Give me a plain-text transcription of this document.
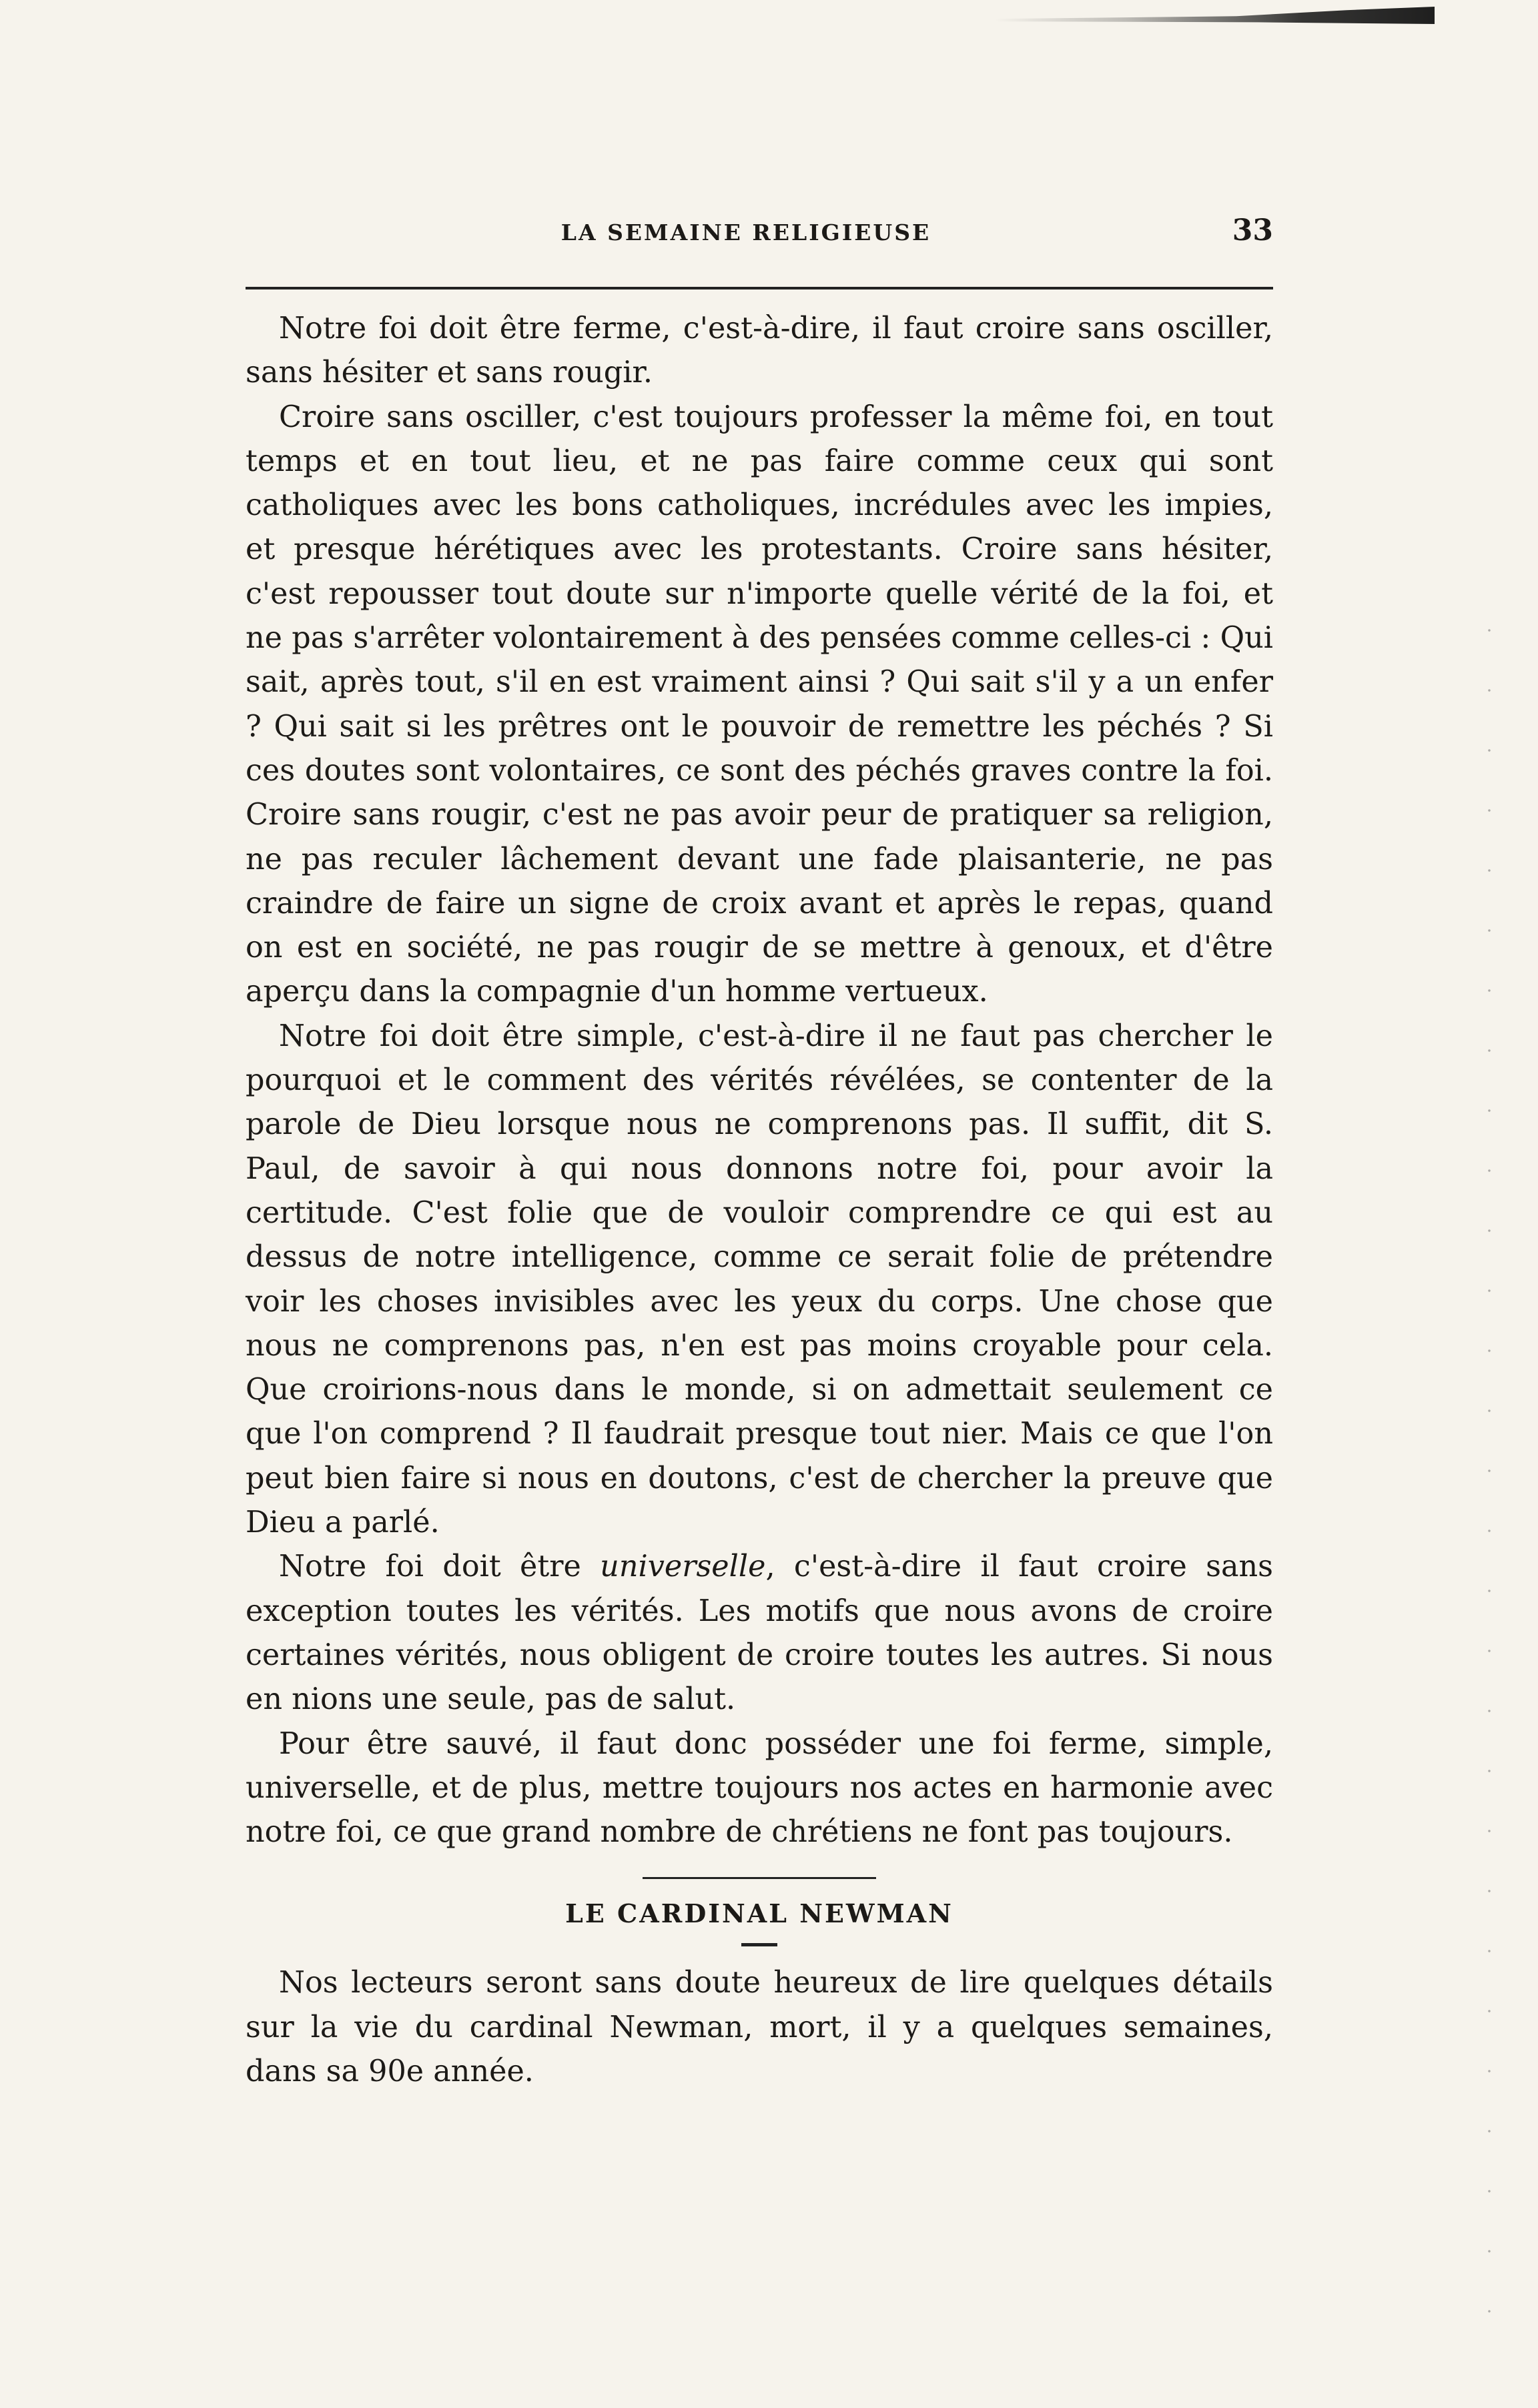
LA SEMAINE RELIGIEUSE	33

Notre foi doit être ferme, c'est-à-dire, il faut croire sans osciller, sans hésiter et sans rougir.

Croire sans osciller, c'est toujours professer la même foi, en tout temps et en tout lieu, et ne pas faire comme ceux qui sont catholiques avec les bons catholiques, incrédules avec les impies, et presque hérétiques avec les protestants. Croire sans hésiter, c'est repousser tout doute sur n'importe quelle vérité de la foi, et ne pas s'arrêter volontairement à des pensées comme celles-ci : Qui sait, après tout, s'il en est vraiment ainsi ? Qui sait s'il y a un enfer ? Qui sait si les prêtres ont le pouvoir de remettre les péchés ? Si ces doutes sont volontaires, ce sont des péchés graves contre la foi. Croire sans rougir, c'est ne pas avoir peur de pratiquer sa religion, ne pas reculer lâchement devant une fade plaisanterie, ne pas craindre de faire un signe de croix avant et après le repas, quand on est en société, ne pas rougir de se mettre à genoux, et d'être aperçu dans la compagnie d'un homme vertueux.

Notre foi doit être simple, c'est-à-dire il ne faut pas chercher le pourquoi et le comment des vérités révélées, se contenter de la parole de Dieu lorsque nous ne comprenons pas. Il suffit, dit S. Paul, de savoir à qui nous donnons notre foi, pour avoir la certitude. C'est folie que de vouloir comprendre ce qui est au dessus de notre intelligence, comme ce serait folie de prétendre voir les choses invisibles avec les yeux du corps. Une chose que nous ne comprenons pas, n'en est pas moins croyable pour cela. Que croirions-nous dans le monde, si on admettait seulement ce que l'on comprend ? Il faudrait presque tout nier. Mais ce que l'on peut bien faire si nous en doutons, c'est de chercher la preuve que Dieu a parlé.

Notre foi doit être universelle, c'est-à-dire il faut croire sans exception toutes les vérités. Les motifs que nous avons de croire certaines vérités, nous obligent de croire toutes les autres. Si nous en nions une seule, pas de salut.

Pour être sauvé, il faut donc posséder une foi ferme, simple, universelle, et de plus, mettre toujours nos actes en harmonie avec notre foi, ce que grand nombre de chrétiens ne font pas toujours.

LE CARDINAL NEWMAN

Nos lecteurs seront sans doute heureux de lire quelques détails sur la vie du cardinal Newman, mort, il y a quelques semaines, dans sa 90e année.
